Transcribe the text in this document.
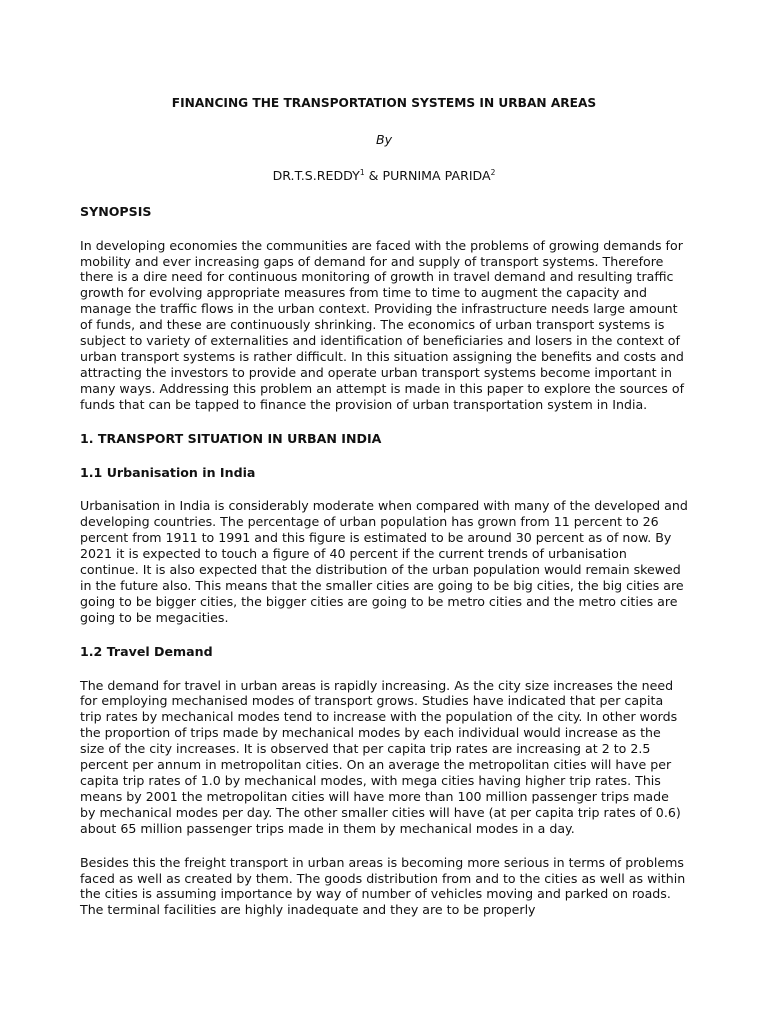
FINANCING THE TRANSPORTATION SYSTEMS IN URBAN AREAS
By
DR.T.S.REDDY$^1$ & PURNIMA PARIDA$^2$
SYNOPSIS

In developing economies the communities are faced with the problems of growing demands for mobility and ever increasing gaps of demand for and supply of transport systems. Therefore there is a dire need for continuous monitoring of growth in travel demand and resulting traffic growth for evolving appropriate measures from time to time to augment the capacity and manage the traffic flows in the urban context. Providing the infrastructure needs large amount of funds, and these are continuously shrinking. The economics of urban transport systems is subject to variety of externalities and identification of beneficiaries and losers in the context of urban transport systems is rather difficult. In this situation assigning the benefits and costs and attracting the investors to provide and operate urban transport systems become important in many ways. Addressing this problem an attempt is made in this paper to explore the sources of funds that can be tapped to finance the provision of urban transportation system in India.

1. TRANSPORT SITUATION IN URBAN INDIA
1.1 Urbanisation in India

Urbanisation in India is considerably moderate when compared with many of the developed and developing countries. The percentage of urban population has grown from 11 percent to 26 percent from 1911 to 1991 and this figure is estimated to be around 30 percent as of now. By 2021 it is expected to touch a figure of 40 percent if the current trends of urbanisation continue. It is also expected that the distribution of the urban population would remain skewed in the future also. This means that the smaller cities are going to be big cities, the big cities are going to be bigger cities, the bigger cities are going to be metro cities and the metro cities are going to be megacities.

1.2 Travel Demand

The demand for travel in urban areas is rapidly increasing. As the city size increases the need for employing mechanised modes of transport grows. Studies have indicated that per capita trip rates by mechanical modes tend to increase with the population of the city. In other words the proportion of trips made by mechanical modes by each individual would increase as the size of the city increases. It is observed that per capita trip rates are increasing at 2 to 2.5 percent per annum in metropolitan cities. On an average the metropolitan cities will have per capita trip rates of 1.0 by mechanical modes, with mega cities having higher trip rates. This means by 2001 the metropolitan cities will have more than 100 million passenger trips made by mechanical modes per day. The other smaller cities will have (at per capita trip rates of 0.6) about 65 million passenger trips made in them by mechanical modes in a day.

Besides this the freight transport in urban areas is becoming more serious in terms of problems faced as well as created by them. The goods distribution from and to the cities as well as within the cities is assuming importance by way of number of vehicles moving and parked on roads. The terminal facilities are highly inadequate and they are to be properly
